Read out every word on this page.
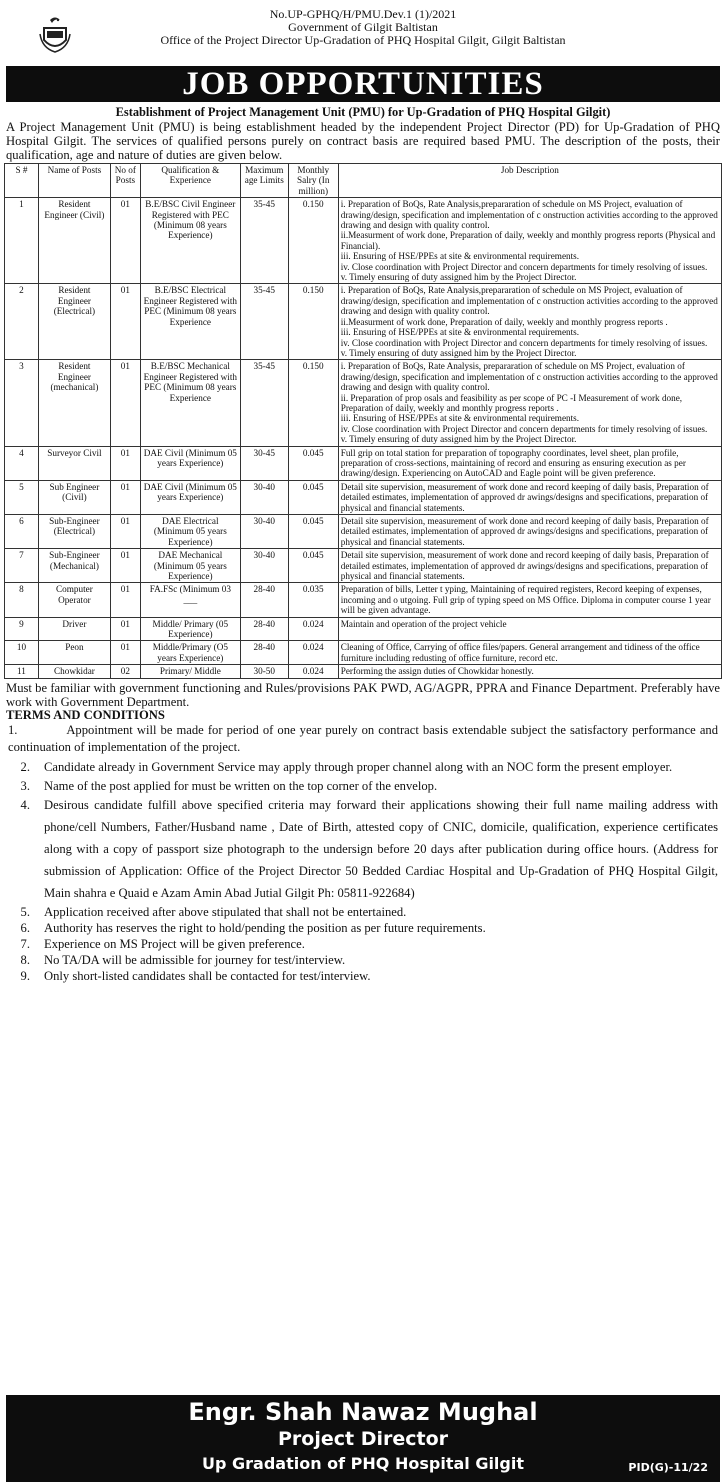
No.UP-GPHQ/H/PMU.Dev.1 (1)/2021
Government of Gilgit Baltistan
Office of the Project Director Up-Gradation of PHQ Hospital Gilgit, Gilgit Baltistan
JOB OPPORTUNITIES
Establishment of Project Management Unit (PMU) for Up-Gradation of PHQ Hospital Gilgit)
A Project Management Unit (PMU) is being establishment headed by the independent Project Director (PD) for Up-Gradation of PHQ Hospital Gilgit. The services of qualified persons purely on contract basis are required based PMU. The description of the posts, their qualification, age and nature of duties are given below.
S #	Name of Posts	No of Posts	Qualification & Experience	Maximum age Limits	Monthly Salry (In million)	Job Description
1	Resident Engineer (Civil)	01	B.E/BSC Civil Engineer Registered with PEC (Minimum 08 years Experience)	35-45	0.150	i. Preparation of BoQs, Rate Analysis,prepararation of schedule on MS Project, evaluation of drawing/design, specification and implementation of c onstruction activities according to the approved drawing and design with quality control.
ii.Measurment of work done, Preparation of daily, weekly and monthly progress reports (Physical and Financial).
iii. Ensuring of HSE/PPEs at site & environmental requirements.
iv. Close coordination with Project Director and concern departments for timely resolving of issues.
v. Timely ensuring of duty assigned him by the Project Director.

2	Resident Engineer (Electrical)	01	B.E/BSC Electrical Engineer Registered with PEC (Minimum 08 years Experience	35-45	0.150	i. Preparation of BoQs, Rate Analysis,prepararation of schedule on MS Project, evaluation of drawing/design, specification and implementation of c onstruction activities according to the approved drawing and design with quality control.
ii.Measurment of work done, Preparation of daily, weekly and monthly progress reports .
iii. Ensuring of HSE/PPEs at site & environmental requirements.
iv. Close coordination with Project Director and concern departments for timely resolving of issues.
v. Timely ensuring of duty assigned him by the Project Director.

3	Resident Engineer (mechanical)	01	B.E/BSC Mechanical Engineer Registered with PEC (Minimum 08 years Experience	35-45	0.150	i. Preparation of BoQs, Rate Analysis, prepararation of schedule on MS Project, evaluation of drawing/design, specification and implementation of c onstruction activities according to the approved drawing and design with quality control.
ii. Preparation of prop osals and feasibility as per scope of PC -I Measurement of work done, Preparation of daily, weekly and monthly progress reports .
iii. Ensuring of HSE/PPEs at site & environmental requirements.
iv. Close coordination with Project Director and concern departments for timely resolving of issues.
v. Timely ensuring of duty assigned him by the Project Director.

4	Surveyor Civil	01	DAE Civil (Minimum 05 years Experience)	30-45	0.045	Full grip on total station for preparation of topography coordinates, level sheet, plan profile, preparation of cross-sections, maintaining of record and ensuring as ensuring execution as per drawing/design. Experiencing on AutoCAD and Eagle point will be given preference.

5	Sub Engineer (Civil)	01	DAE Civil (Minimum 05 years Experience)	30-40	0.045	Detail site supervision, measurement of work done and record keeping of daily basis, Preparation of detailed estimates, implementation of approved dr awings/designs and specifications, preparation of physical and financial statements.

6	Sub-Engineer (Electrical)	01	DAE Electrical (Minimum 05 years Experience)	30-40	0.045	Detail site supervision, measurement of work done and record keeping of daily basis, Preparation of detailed estimates, implementation of approved dr awings/designs and specifications, preparation of physical and financial statements.

7	Sub-Engineer (Mechanical)	01	DAE Mechanical (Minimum 05 years Experience)	30-40	0.045	Detail site supervision, measurement of work done and record keeping of daily basis, Preparation of detailed estimates, implementation of approved dr awings/designs and specifications, preparation of physical and financial statements.

8	Computer Operator	01	FA.FSc (Minimum 03 ___	28-40	0.035	Preparation of bills, Letter t yping, Maintaining of required registers, Record keeping of expenses, incoming and o utgoing. Full grip of typing speed on MS Office. Diploma in computer course 1 year will be given advantage.

9	Driver	01	Middle/ Primary (05 Experience)	28-40	0.024	Maintain and operation of the project vehicle

10	Peon	01	Middle/Primary (O5 years Experience)	28-40	0.024	Cleaning of Office, Carrying of office files/papers. General arrangement and tidiness of the office furniture including redusting of office furniture, record etc.

11	Chowkidar	02	Primary/ Middle	30-50	0.024	Performing the assign duties of Chowkidar honestly.
Must be familiar with government functioning and Rules/provisions PAK PWD, AG/AGPR, PPRA and Finance Department. Preferably have work with Government Department.
TERMS AND CONDITIONS
1.	Appointment will be made for period of one year purely on contract basis extendable subject the satisfactory performance and continuation of implementation of the project.
2.	Candidate already in Government Service may apply through proper channel along with an NOC form the present employer.
3.	Name of the post applied for must be written on the top corner of the envelop.
4.	Desirous candidate fulfill above specified criteria may forward their applications showing their full name mailing address with phone/cell Numbers, Father/Husband name , Date of Birth, attested copy of CNIC, domicile, qualification, experience certificates along with a copy of passport size photograph to the undersign before 20 days after publication during office hours. (Address for submission of Application: Office of the Project Director 50 Bedded Cardiac Hospital and Up-Gradation of PHQ Hospital Gilgit, Main shahra e Quaid e Azam Amin Abad Jutial Gilgit Ph: 05811-922684)
5.	Application received after above stipulated that shall not be entertained.
6.	Authority has reserves the right to hold/pending the position as per future requirements.
7.	Experience on MS Project will be given preference.
8.	No TA/DA will be admissible for journey for test/interview.
9.	Only short-listed candidates shall be contacted for test/interview.
Engr. Shah Nawaz Mughal
Project Director
Up Gradation of PHQ Hospital Gilgit	PID(G)-11/22
